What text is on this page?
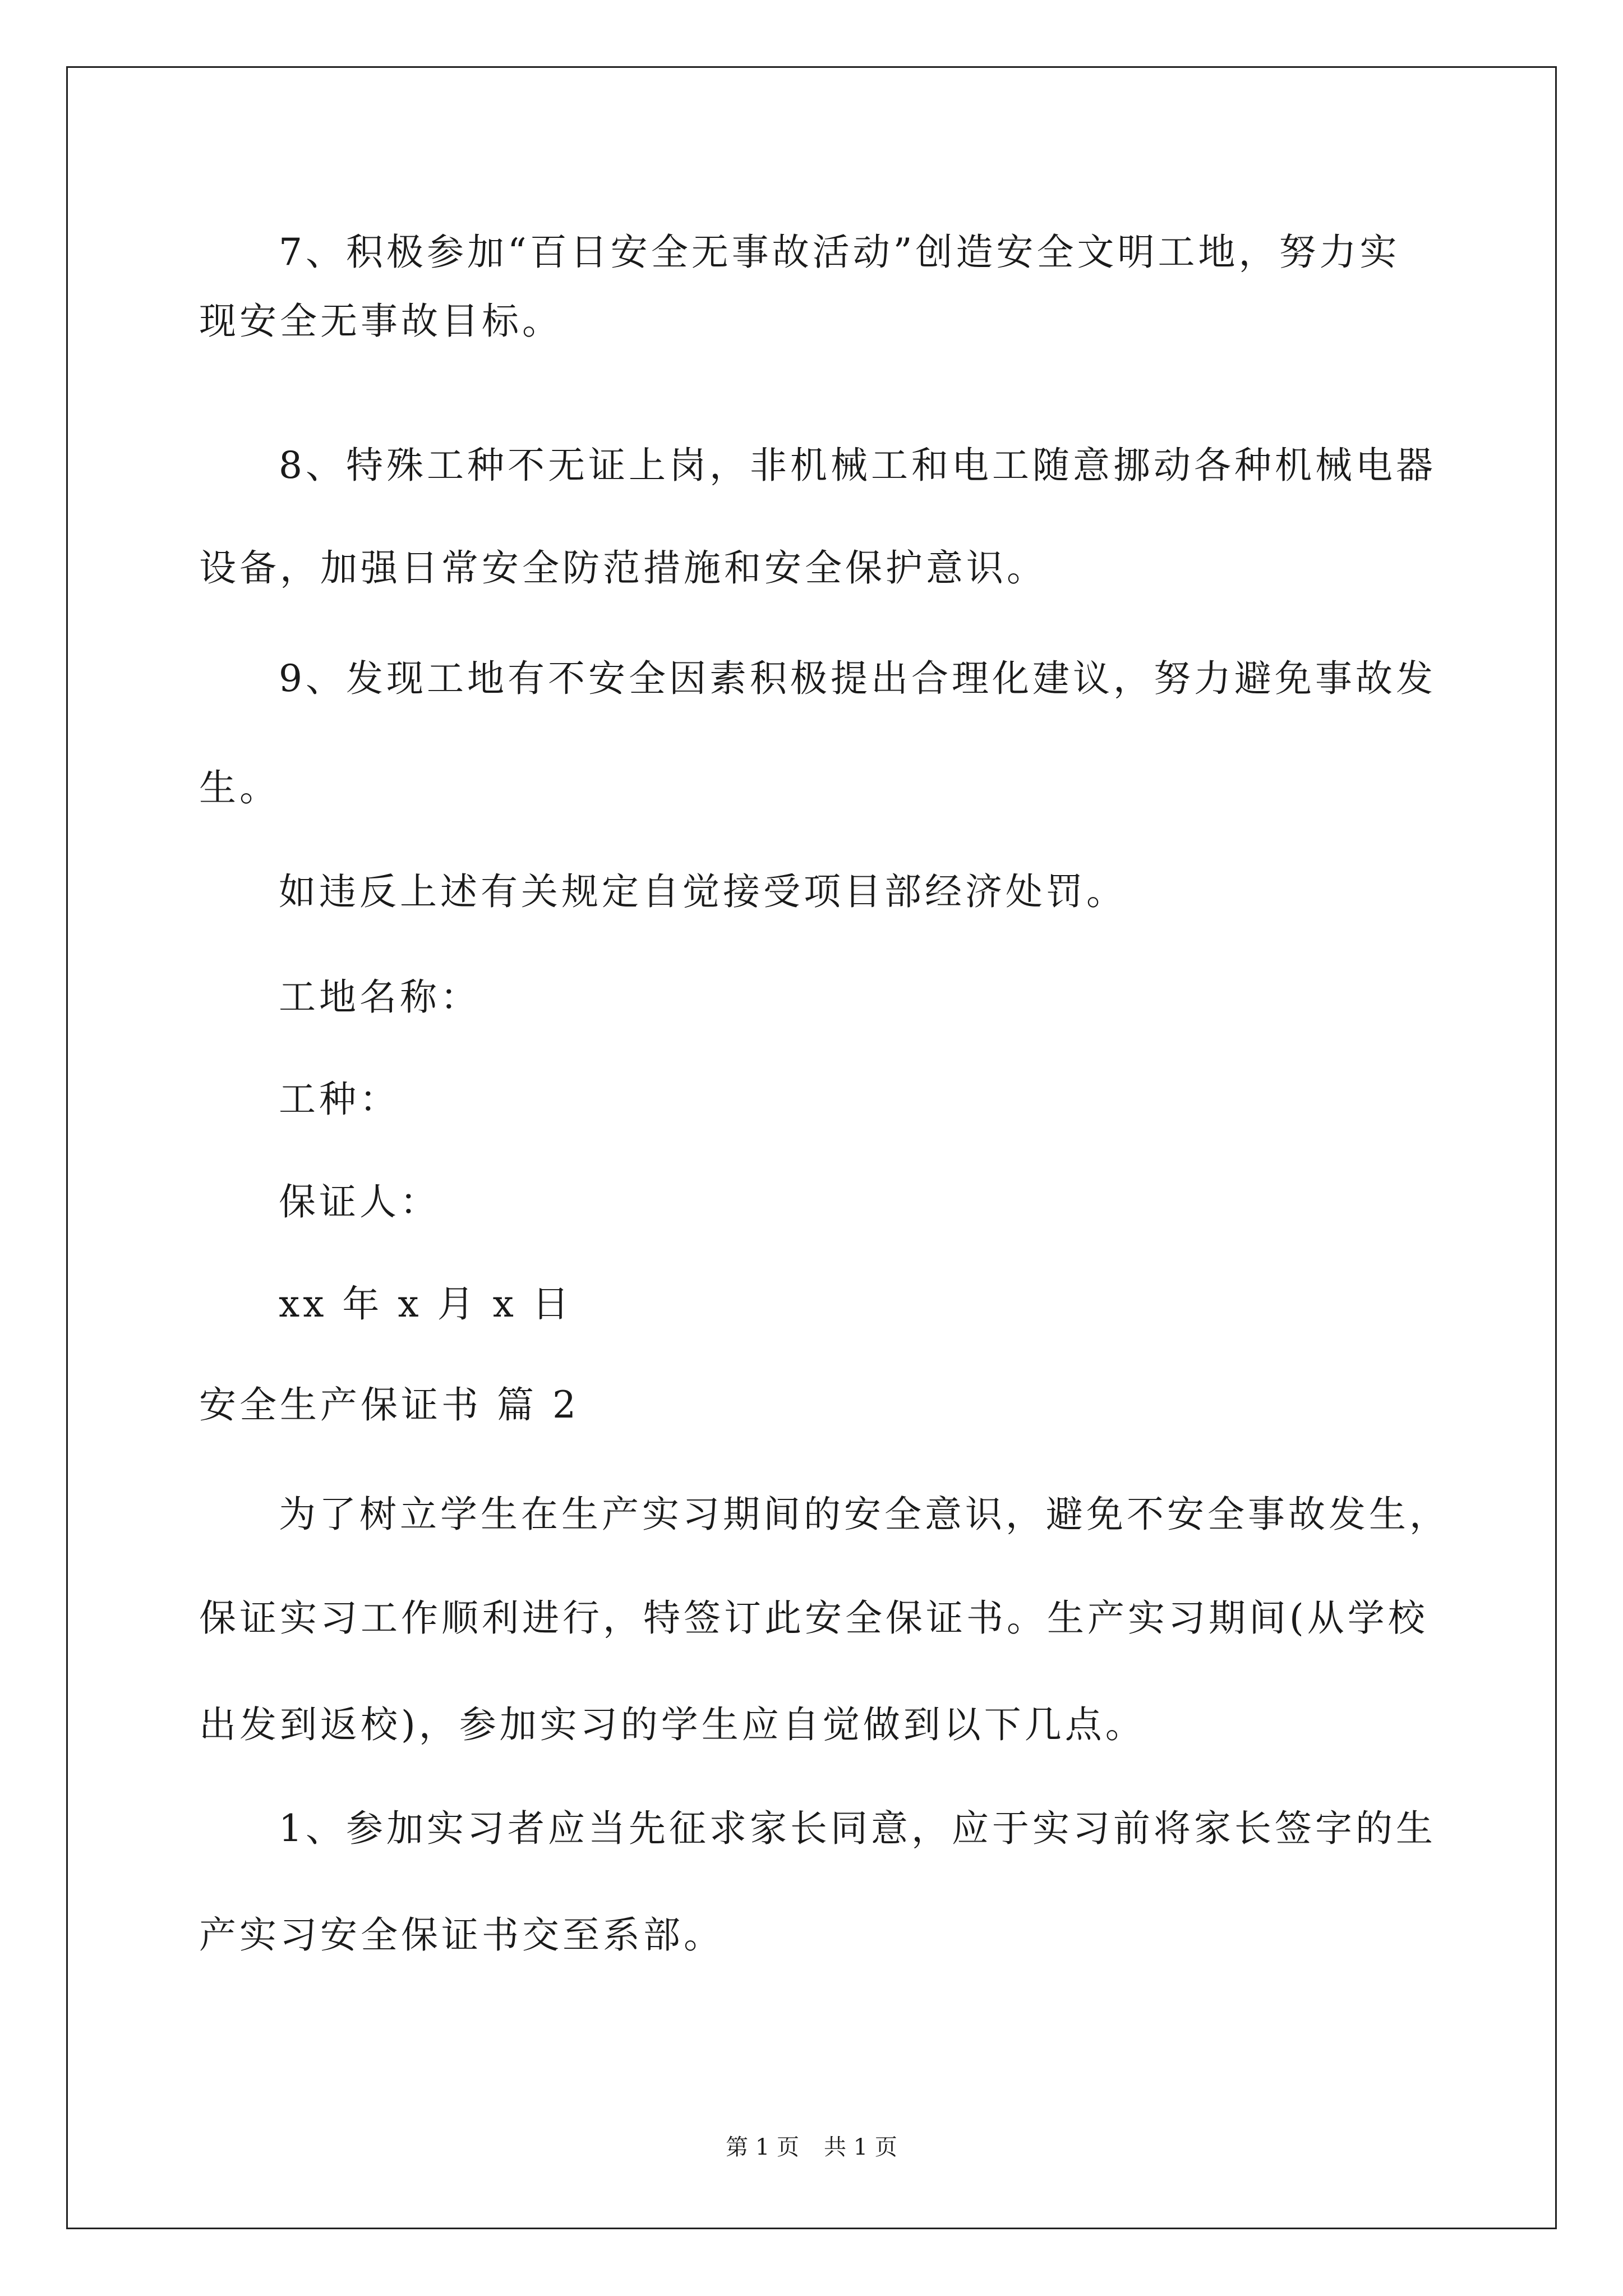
7、积极参加“百日安全无事故活动”创造安全文明工地，努力实
现安全无事故目标。
8、特殊工种不无证上岗，非机械工和电工随意挪动各种机械电器
设备，加强日常安全防范措施和安全保护意识。
9、发现工地有不安全因素积极提出合理化建议，努力避免事故发
生。
如违反上述有关规定自觉接受项目部经济处罚。
工地名称：
工种：
保证人：
xx 年 x 月 x 日
安全生产保证书 篇 2
为了树立学生在生产实习期间的安全意识，避免不安全事故发生，
保证实习工作顺利进行，特签订此安全保证书。生产实习期间(从学校
出发到返校)，参加实习的学生应自觉做到以下几点。
1、参加实习者应当先征求家长同意，应于实习前将家长签字的生
产实习安全保证书交至系部。
第 1 页 共 1 页
